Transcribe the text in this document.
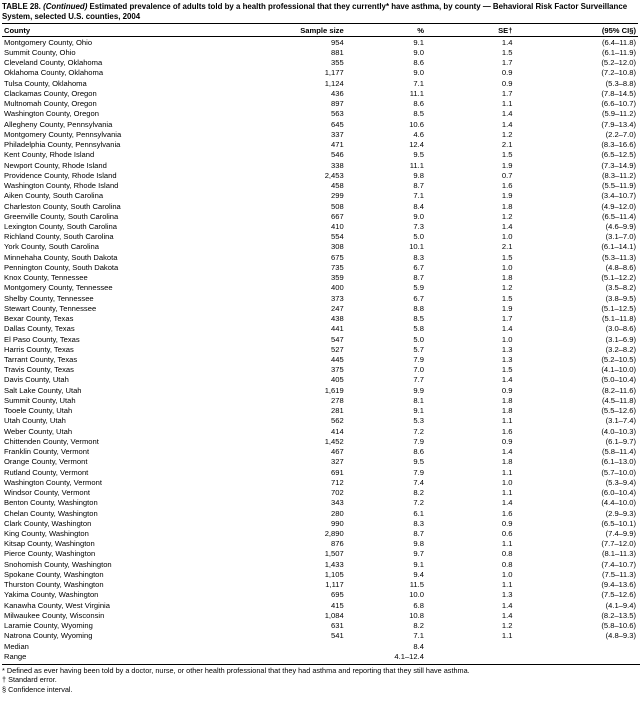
TABLE 28. (Continued) Estimated prevalence of adults told by a health professional that they currently* have asthma, by county — Behavioral Risk Factor Surveillance System, selected U.S. counties, 2004
County	Sample size	%	SE†	(95% CI§)
Montgomery County, Ohio	954	9.1	1.4	(6.4–11.8)
Summit County, Ohio	881	9.0	1.5	(6.1–11.9)
Cleveland County, Oklahoma	355	8.6	1.7	(5.2–12.0)
Oklahoma County, Oklahoma	1,177	9.0	0.9	(7.2–10.8)
Tulsa County, Oklahoma	1,124	7.1	0.9	(5.3–8.8)
Clackamas County, Oregon	436	11.1	1.7	(7.8–14.5)
Multnomah County, Oregon	897	8.6	1.1	(6.6–10.7)
Washington County, Oregon	563	8.5	1.4	(5.9–11.2)
Allegheny County, Pennsylvania	645	10.6	1.4	(7.9–13.4)
Montgomery County, Pennsylvania	337	4.6	1.2	(2.2–7.0)
Philadelphia County, Pennsylvania	471	12.4	2.1	(8.3–16.6)
Kent County, Rhode Island	546	9.5	1.5	(6.5–12.5)
Newport County, Rhode Island	338	11.1	1.9	(7.3–14.9)
Providence County, Rhode Island	2,453	9.8	0.7	(8.3–11.2)
Washington County, Rhode Island	458	8.7	1.6	(5.5–11.9)
Aiken County, South Carolina	299	7.1	1.9	(3.4–10.7)
Charleston County, South Carolina	508	8.4	1.8	(4.9–12.0)
Greenville County, South Carolina	667	9.0	1.2	(6.5–11.4)
Lexington County, South Carolina	410	7.3	1.4	(4.6–9.9)
Richland County, South Carolina	554	5.0	1.0	(3.1–7.0)
York County, South Carolina	308	10.1	2.1	(6.1–14.1)
Minnehaha County, South Dakota	675	8.3	1.5	(5.3–11.3)
Pennington County, South Dakota	735	6.7	1.0	(4.8–8.6)
Knox County, Tennessee	359	8.7	1.8	(5.1–12.2)
Montgomery County, Tennessee	400	5.9	1.2	(3.5–8.2)
Shelby County, Tennessee	373	6.7	1.5	(3.8–9.5)
Stewart County, Tennessee	247	8.8	1.9	(5.1–12.5)
Bexar County, Texas	438	8.5	1.7	(5.1–11.8)
Dallas County, Texas	441	5.8	1.4	(3.0–8.6)
El Paso County, Texas	547	5.0	1.0	(3.1–6.9)
Harris County, Texas	527	5.7	1.3	(3.2–8.2)
Tarrant County, Texas	445	7.9	1.3	(5.2–10.5)
Travis County, Texas	375	7.0	1.5	(4.1–10.0)
Davis County, Utah	405	7.7	1.4	(5.0–10.4)
Salt Lake County, Utah	1,619	9.9	0.9	(8.2–11.6)
Summit County, Utah	278	8.1	1.8	(4.5–11.8)
Tooele County, Utah	281	9.1	1.8	(5.5–12.6)
Utah County, Utah	562	5.3	1.1	(3.1–7.4)
Weber County, Utah	414	7.2	1.6	(4.0–10.3)
Chittenden County, Vermont	1,452	7.9	0.9	(6.1–9.7)
Franklin County, Vermont	467	8.6	1.4	(5.8–11.4)
Orange County, Vermont	327	9.5	1.8	(6.1–13.0)
Rutland County, Vermont	691	7.9	1.1	(5.7–10.0)
Washington County, Vermont	712	7.4	1.0	(5.3–9.4)
Windsor County, Vermont	702	8.2	1.1	(6.0–10.4)
Benton County, Washington	343	7.2	1.4	(4.4–10.0)
Chelan County, Washington	280	6.1	1.6	(2.9–9.3)
Clark County, Washington	990	8.3	0.9	(6.5–10.1)
King County, Washington	2,890	8.7	0.6	(7.4–9.9)
Kitsap County, Washington	876	9.8	1.1	(7.7–12.0)
Pierce County, Washington	1,507	9.7	0.8	(8.1–11.3)
Snohomish County, Washington	1,433	9.1	0.8	(7.4–10.7)
Spokane County, Washington	1,105	9.4	1.0	(7.5–11.3)
Thurston County, Washington	1,117	11.5	1.1	(9.4–13.6)
Yakima County, Washington	695	10.0	1.3	(7.5–12.6)
Kanawha County, West Virginia	415	6.8	1.4	(4.1–9.4)
Milwaukee County, Wisconsin	1,084	10.8	1.4	(8.2–13.5)
Laramie County, Wyoming	631	8.2	1.2	(5.8–10.6)
Natrona County, Wyoming	541	7.1	1.1	(4.8–9.3)
Median		8.4		
Range		4.1–12.4		
* Defined as ever having been told by a doctor, nurse, or other health professional that they had asthma and reporting that they still have asthma.
† Standard error.
§ Confidence interval.
